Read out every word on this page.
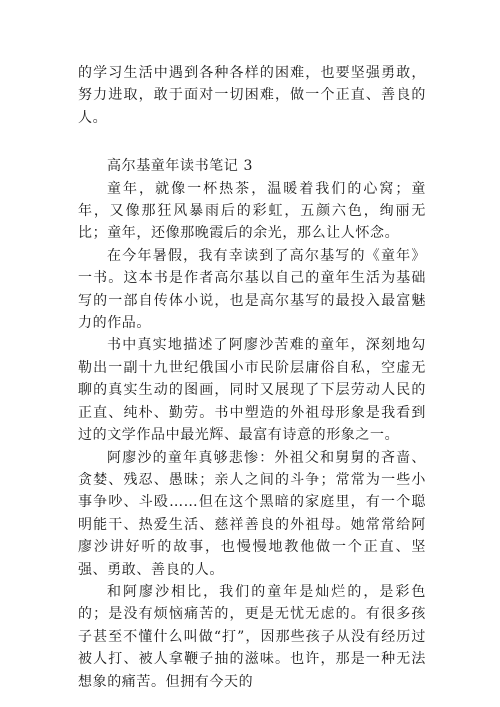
的学习生活中遇到各种各样的困难，也要坚强勇敢，努力进取，敢于面对一切困难，做一个正直、善良的人。

高尔基童年读书笔记 3

童年，就像一杯热茶，温暖着我们的心窝；童年，又像那狂风暴雨后的彩虹，五颜六色，绚丽无比；童年，还像那晚霞后的余光，那么让人怀念。

在今年暑假，我有幸读到了高尔基写的《童年》一书。这本书是作者高尔基以自己的童年生活为基础写的一部自传体小说，也是高尔基写的最投入最富魅力的作品。

书中真实地描述了阿廖沙苦难的童年，深刻地勾勒出一副十九世纪俄国小市民阶层庸俗自私，空虚无聊的真实生动的图画，同时又展现了下层劳动人民的正直、纯朴、勤劳。书中塑造的外祖母形象是我看到过的文学作品中最光辉、最富有诗意的形象之一。

阿廖沙的童年真够悲惨：外祖父和舅舅的吝啬、贪婪、残忍、愚昧；亲人之间的斗争；常常为一些小事争吵、斗殴……但在这个黑暗的家庭里，有一个聪明能干、热爱生活、慈祥善良的外祖母。她常常给阿廖沙讲好听的故事，也慢慢地教他做一个正直、坚强、勇敢、善良的人。

和阿廖沙相比，我们的童年是灿烂的，是彩色的；是没有烦恼痛苦的，更是无忧无虑的。有很多孩子甚至不懂什么叫做“打”，因那些孩子从没有经历过被人打、被人拿鞭子抽的滋味。也许，那是一种无法想象的痛苦。但拥有今天的
